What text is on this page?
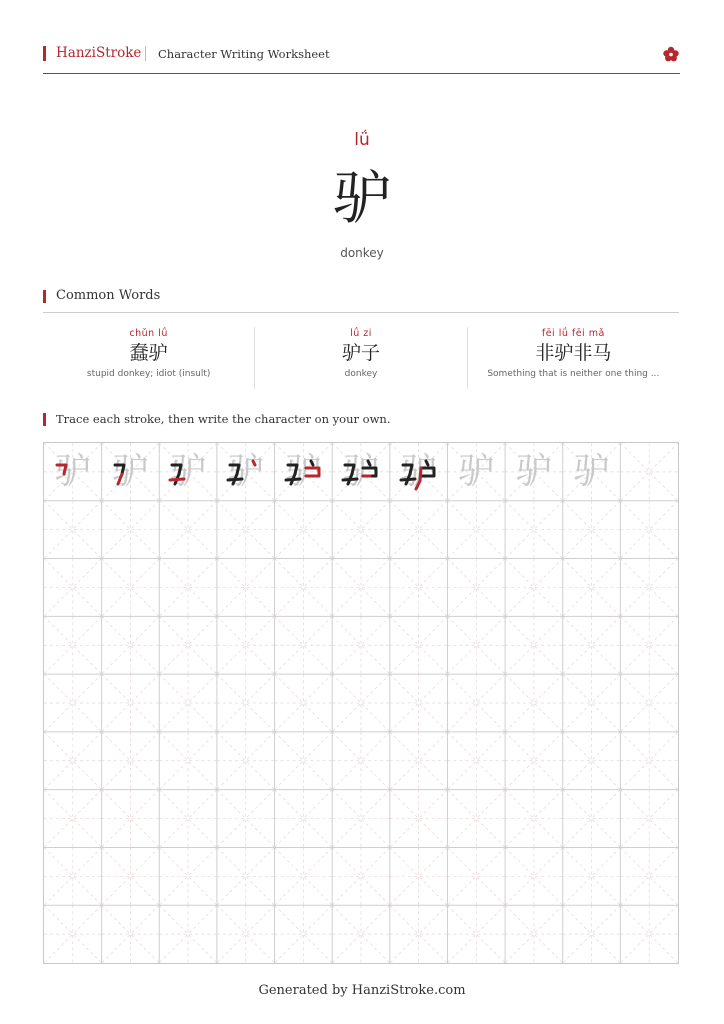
HanziStroke Character Writing Worksheet
lǘ
驴
donkey
Common Words
chǔn lǘ
蠢驴
stupid donkey; idiot (insult)
lǘ zi
驴子
donkey
fēi lǘ fēi mǎ
非驴非马
Something that is neither one thing ...
Trace each stroke, then write the character on your own.
驴 驴 驴 驴 驴 驴 驴 驴 驴 驴
Generated by HanziStroke.com
